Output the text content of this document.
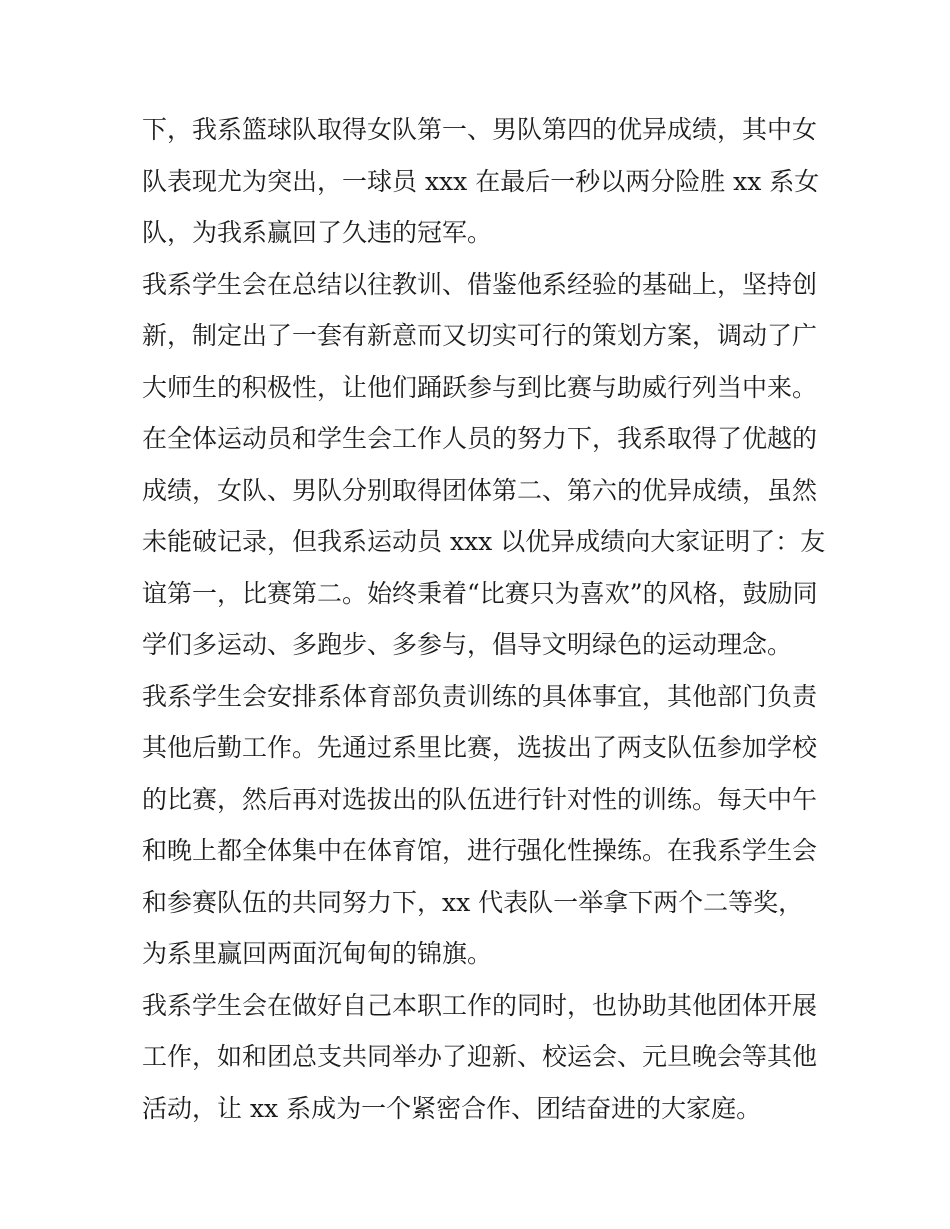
下，我系篮球队取得女队第一、男队第四的优异成绩，其中女
队表现尤为突出，一球员 xxx 在最后一秒以两分险胜 xx 系女
队，为我系赢回了久违的冠军。
我系学生会在总结以往教训、借鉴他系经验的基础上，坚持创
新，制定出了一套有新意而又切实可行的策划方案，调动了广
大师生的积极性，让他们踊跃参与到比赛与助威行列当中来。
在全体运动员和学生会工作人员的努力下，我系取得了优越的
成绩，女队、男队分别取得团体第二、第六的优异成绩，虽然
未能破记录，但我系运动员 xxx 以优异成绩向大家证明了：友
谊第一，比赛第二。始终秉着“比赛只为喜欢”的风格，鼓励同
学们多运动、多跑步、多参与，倡导文明绿色的运动理念。
我系学生会安排系体育部负责训练的具体事宜，其他部门负责
其他后勤工作。先通过系里比赛，选拔出了两支队伍参加学校
的比赛，然后再对选拔出的队伍进行针对性的训练。每天中午
和晚上都全体集中在体育馆，进行强化性操练。在我系学生会
和参赛队伍的共同努力下，xx 代表队一举拿下两个二等奖，
为系里赢回两面沉甸甸的锦旗。
我系学生会在做好自己本职工作的同时，也协助其他团体开展
工作，如和团总支共同举办了迎新、校运会、元旦晚会等其他
活动，让 xx 系成为一个紧密合作、团结奋进的大家庭。
